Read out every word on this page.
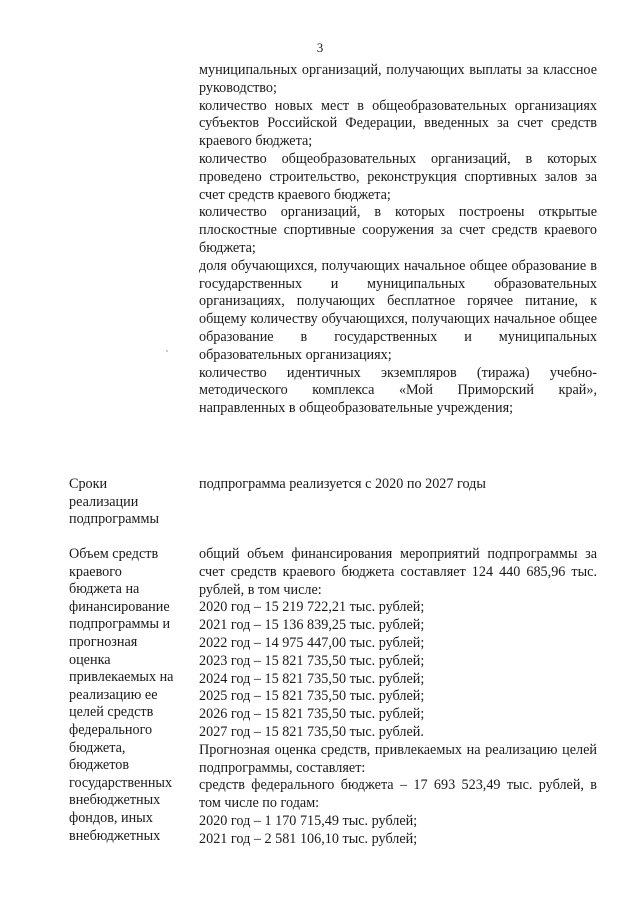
3

муниципальных организаций, получающих выплаты за классное руководство;

количество новых мест в общеобразовательных организациях субъектов Российской Федерации, введенных за счет средств краевого бюджета;

количество общеобразовательных организаций, в которых проведено строительство, реконструкция спортивных залов за счет средств краевого бюджета;

количество организаций, в которых построены открытые плоскостные спортивные сооружения за счет средств краевого бюджета;

доля обучающихся, получающих начальное общее образование в государственных и муниципальных образовательных организациях, получающих бесплатное горячее питание, к общему количеству обучающихся, получающих начальное общее образование в государственных и муниципальных образовательных организациях;

количество идентичных экземпляров (тиража) учебно-методического комплекса «Мой Приморский край», направленных в общеобразовательные учреждения;

Сроки

реализации

подпрограммы

подпрограмма реализуется с 2020 по 2027 годы

Объем средств

краевого

бюджета на

финансирование

подпрограммы и

прогнозная

оценка

привлекаемых на

реализацию ее

целей средств

федерального

бюджета,

бюджетов

государственных

внебюджетных

фондов, иных

внебюджетных

общий объем финансирования мероприятий подпрограммы за счет средств краевого бюджета составляет 124 440 685,96 тыс. рублей, в том числе:

2020 год – 15 219 722,21 тыс. рублей;

2021 год – 15 136 839,25 тыс. рублей;

2022 год – 14 975 447,00 тыс. рублей;

2023 год – 15 821 735,50 тыс. рублей;

2024 год – 15 821 735,50 тыс. рублей;

2025 год – 15 821 735,50 тыс. рублей;

2026 год – 15 821 735,50 тыс. рублей;

2027 год – 15 821 735,50 тыс. рублей.

Прогнозная оценка средств, привлекаемых на реализацию целей подпрограммы, составляет:

средств федерального бюджета – 17 693 523,49 тыс. рублей, в том числе по годам:

2020 год – 1 170 715,49 тыс. рублей;

2021 год – 2 581 106,10 тыс. рублей;
